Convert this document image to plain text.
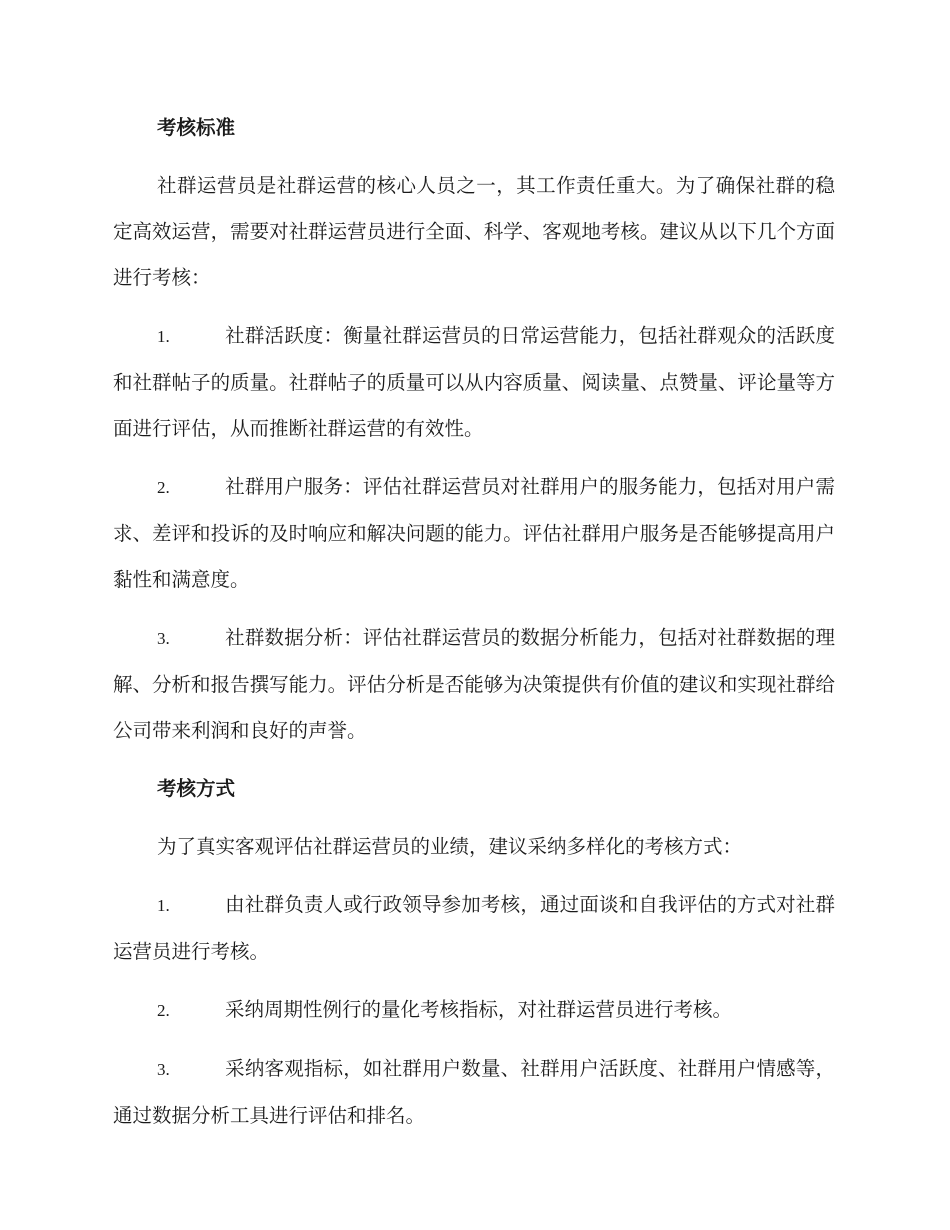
考核标准

社群运营员是社群运营的核心人员之一，其工作责任重大。为了确保社群的稳定高效运营，需要对社群运营员进行全面、科学、客观地考核。建议从以下几个方面进行考核：

1.	社群活跃度：衡量社群运营员的日常运营能力，包括社群观众的活跃度和社群帖子的质量。社群帖子的质量可以从内容质量、阅读量、点赞量、评论量等方面进行评估，从而推断社群运营的有效性。

2.	社群用户服务：评估社群运营员对社群用户的服务能力，包括对用户需求、差评和投诉的及时响应和解决问题的能力。评估社群用户服务是否能够提高用户黏性和满意度。

3.	社群数据分析：评估社群运营员的数据分析能力，包括对社群数据的理解、分析和报告撰写能力。评估分析是否能够为决策提供有价值的建议和实现社群给公司带来利润和良好的声誉。

考核方式

为了真实客观评估社群运营员的业绩，建议采纳多样化的考核方式：

1.	由社群负责人或行政领导参加考核，通过面谈和自我评估的方式对社群运营员进行考核。

2.	采纳周期性例行的量化考核指标，对社群运营员进行考核。

3.	采纳客观指标，如社群用户数量、社群用户活跃度、社群用户情感等，通过数据分析工具进行评估和排名。
